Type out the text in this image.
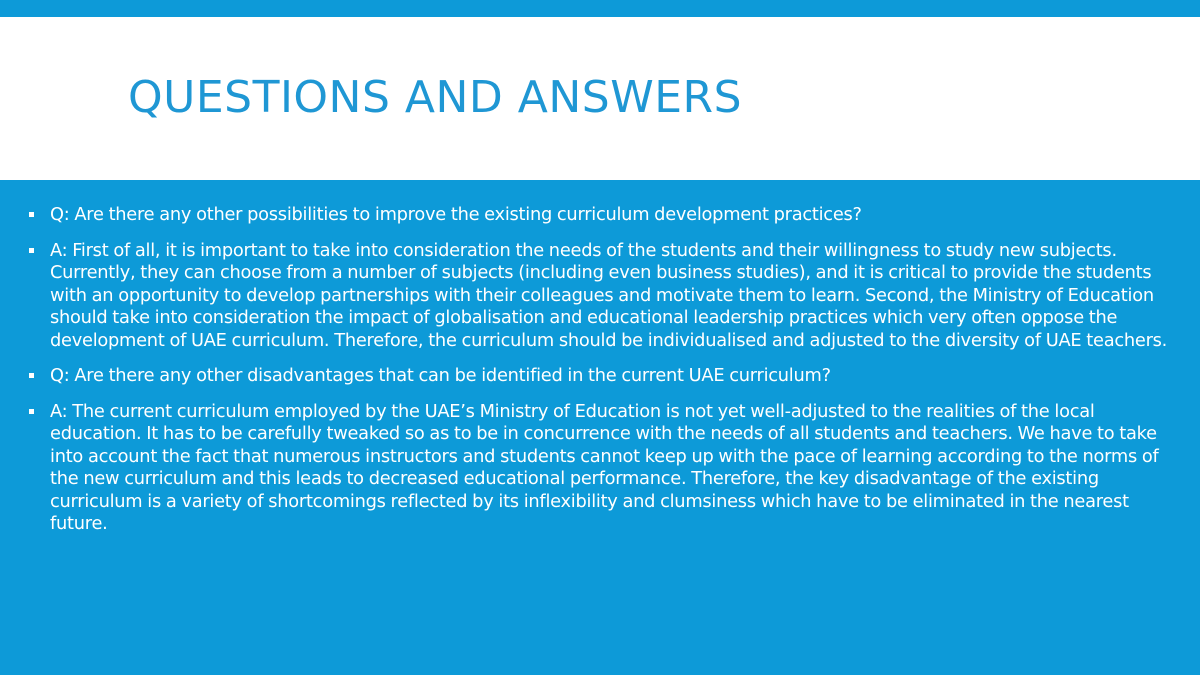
QUESTIONS AND ANSWERS
Q: Are there any other possibilities to improve the existing curriculum development practices?
A: First of all, it is important to take into consideration the needs of the students and their willingness to study new subjects. Currently, they can choose from a number of subjects (including even business studies), and it is critical to provide the students with an opportunity to develop partnerships with their colleagues and motivate them to learn. Second, the Ministry of Education should take into consideration the impact of globalisation and educational leadership practices which very often oppose the development of UAE curriculum. Therefore, the curriculum should be individualised and adjusted to the diversity of UAE teachers.
Q: Are there any other disadvantages that can be identified in the current UAE curriculum?
A: The current curriculum employed by the UAE’s Ministry of Education is not yet well-adjusted to the realities of the local education. It has to be carefully tweaked so as to be in concurrence with the needs of all students and teachers. We have to take into account the fact that numerous instructors and students cannot keep up with the pace of learning according to the norms of the new curriculum and this leads to decreased educational performance. Therefore, the key disadvantage of the existing curriculum is a variety of shortcomings reflected by its inflexibility and clumsiness which have to be eliminated in the nearest future.
